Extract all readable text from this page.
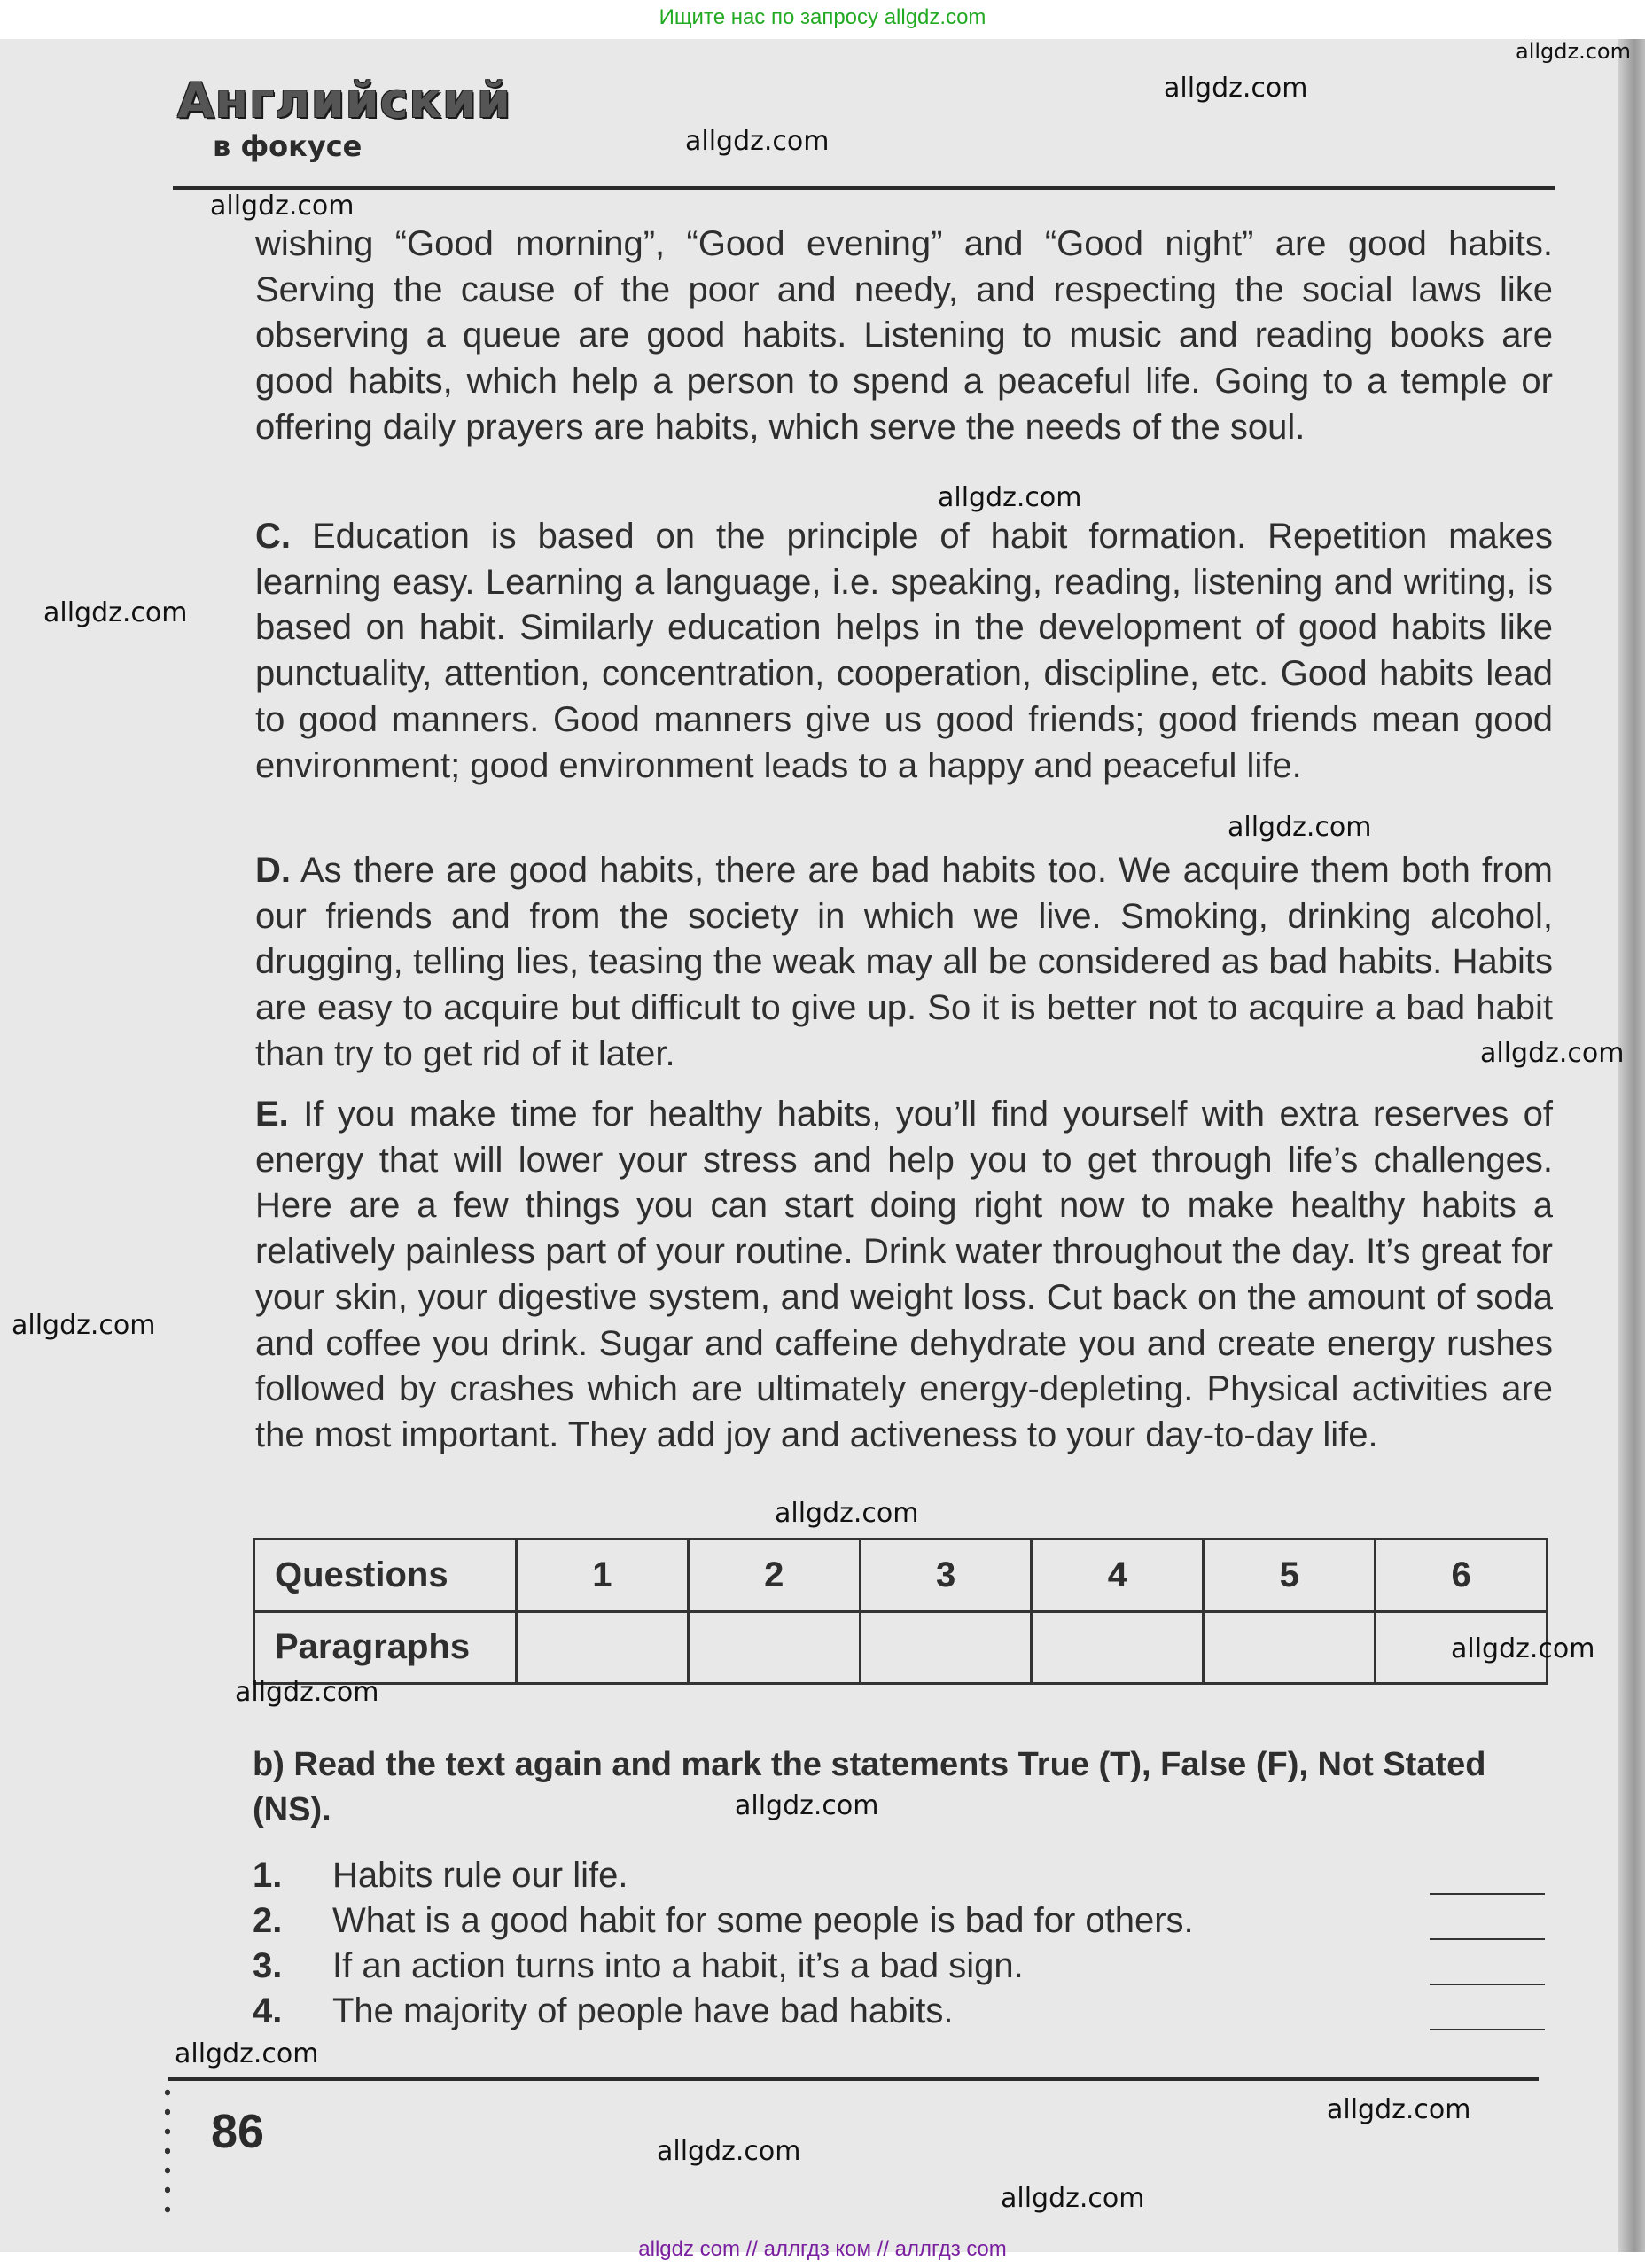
Ищите нас по запросу allgdz.com
Английский
в фокусе
wishing “Good morning”, “Good evening” and “Good night” are good habits. Serving the cause of the poor and needy, and respecting the social laws like observing a queue are good habits. Listening to music and reading books are good habits, which help a person to spend a peaceful life. Going to a temple or offering daily prayers are habits, which serve the needs of the soul.
C. Education is based on the principle of habit formation. Repetition makes learning easy. Learning a language, i.e. speaking, reading, listening and writing, is based on habit. Similarly education helps in the development of good habits like punctuality, attention, concentration, cooperation, discipline, etc. Good habits lead to good manners. Good manners give us good friends; good friends mean good environment; good environment leads to a happy and peaceful life.
D. As there are good habits, there are bad habits too. We acquire them both from our friends and from the society in which we live. Smoking, drinking alcohol, drugging, telling lies, teasing the weak may all be considered as bad habits. Habits are easy to acquire but difficult to give up. So it is better not to acquire a bad habit than try to get rid of it later.
E. If you make time for healthy habits, you’ll find yourself with extra reserves of energy that will lower your stress and help you to get through life’s challenges. Here are a few things you can start doing right now to make healthy habits a relatively painless part of your routine. Drink water throughout the day. It’s great for your skin, your digestive system, and weight loss. Cut back on the amount of soda and coffee you drink. Sugar and caffeine dehydrate you and create energy rushes followed by crashes which are ultimately energy-depleting. Physical activities are the most important. They add joy and activeness to your day-to-day life.
Questions	1	2	3	4	5	6
Paragraphs						
b) Read the text again and mark the statements True (T), False (F), Not Stated (NS).
1. Habits rule our life.
2. What is a good habit for some people is bad for others.
3. If an action turns into a habit, it’s a bad sign.
4. The majority of people have bad habits.
86
allgdz.com
allgdz.com
allgdz.com
allgdz.com
allgdz.com
allgdz.com
allgdz.com
allgdz.com
allgdz.com
allgdz.com
allgdz.com
allgdz.com
allgdz.com
allgdz.com
allgdz.com
allgdz.com
allgdz.com
allgdz com // аллгдз ком // аллгдз com
